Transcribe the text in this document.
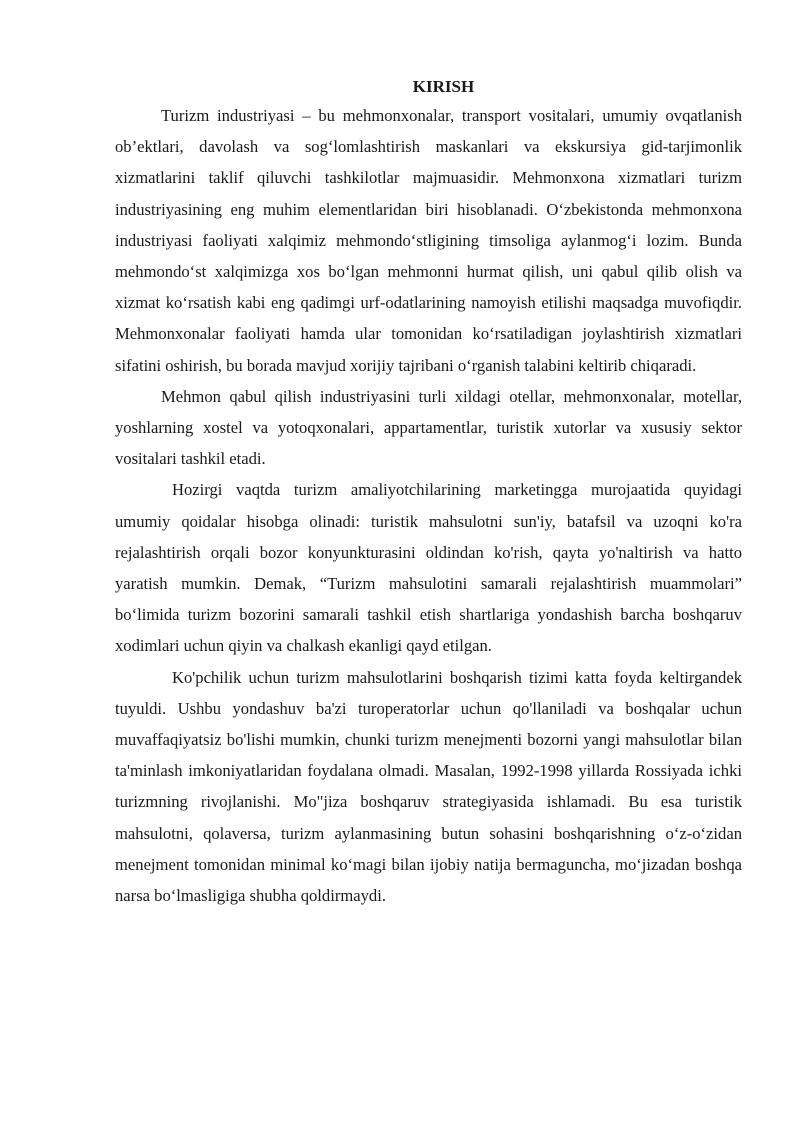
KIRISH

Turizm industriyasi – bu mehmonxonalar, transport vositalari, umumiy ovqatlanish ob’ektlari, davolash va sog‘lomlashtirish maskanlari va ekskursiya gid-tarjimonlik xizmatlarini taklif qiluvchi tashkilotlar majmuasidir. Mehmonxona xizmatlari turizm industriyasining eng muhim elementlaridan biri hisoblanadi. O‘zbekistonda mehmonxona industriyasi faoliyati xalqimiz mehmondo‘stligining timsoliga aylanmog‘i lozim. Bunda mehmondo‘st xalqimizga xos bo‘lgan mehmonni hurmat qilish, uni qabul qilib olish va xizmat ko‘rsatish kabi eng qadimgi urf-odatlarining namoyish etilishi maqsadga muvofiqdir. Mehmonxonalar faoliyati hamda ular tomonidan ko‘rsatiladigan joylashtirish xizmatlari sifatini oshirish, bu borada mavjud xorijiy tajribani o‘rganish talabini keltirib chiqaradi.

Mehmon qabul qilish industriyasini turli xildagi otellar, mehmonxonalar, motellar, yoshlarning xostel va yotoqxonalari, appartamentlar, turistik xutorlar va xususiy sektor vositalari tashkil etadi.

Hozirgi vaqtda turizm amaliyotchilarining marketingga murojaatida quyidagi umumiy qoidalar hisobga olinadi: turistik mahsulotni sun'iy, batafsil va uzoqni ko'ra rejalashtirish orqali bozor konyunkturasini oldindan ko'rish, qayta yo'naltirish va hatto yaratish mumkin. Demak, “Turizm mahsulotini samarali rejalashtirish muammolari” bo‘limida turizm bozorini samarali tashkil etish shartlariga yondashish barcha boshqaruv xodimlari uchun qiyin va chalkash ekanligi qayd etilgan.

Ko'pchilik uchun turizm mahsulotlarini boshqarish tizimi katta foyda keltirgandek tuyuldi. Ushbu yondashuv ba'zi turoperatorlar uchun qo'llaniladi va boshqalar uchun muvaffaqiyatsiz bo'lishi mumkin, chunki turizm menejmenti bozorni yangi mahsulotlar bilan ta'minlash imkoniyatlaridan foydalana olmadi. Masalan, 1992-1998 yillarda Rossiyada ichki turizmning rivojlanishi. Mo"jiza boshqaruv strategiyasida ishlamadi. Bu esa turistik mahsulotni, qolaversa, turizm aylanmasining butun sohasini boshqarishning o‘z-o‘zidan menejment tomonidan minimal ko‘magi bilan ijobiy natija bermaguncha, mo‘jizadan boshqa narsa bo‘lmasligiga shubha qoldirmaydi.
